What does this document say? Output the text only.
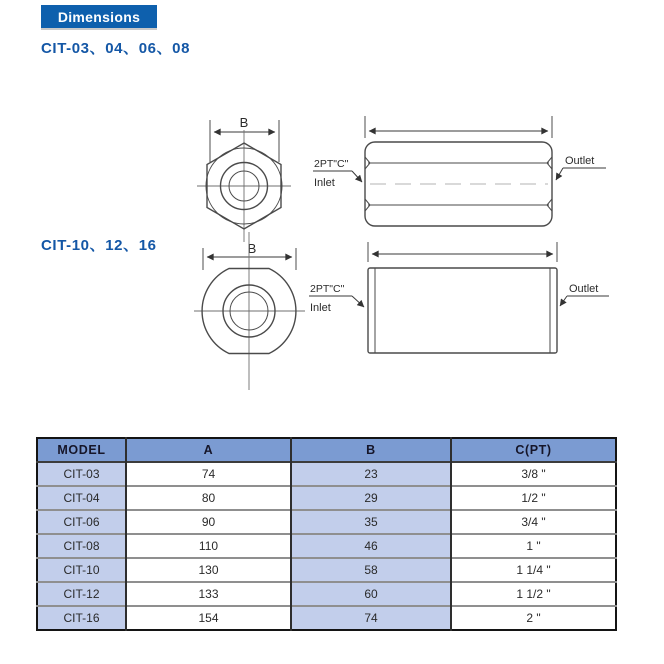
Dimensions
CIT-03、04、06、08
CIT-10、12、16
B
2PT"C"
Inlet
Outlet
B
2PT"C"
Inlet
Outlet
MODEL	A	B	C(PT)
CIT-03	74	23	3/8 "
CIT-04	80	29	1/2 "
CIT-06	90	35	3/4 "
CIT-08	110	46	1 "
CIT-10	130	58	1 1/4 "
CIT-12	133	60	1 1/2 "
CIT-16	154	74	2 "
